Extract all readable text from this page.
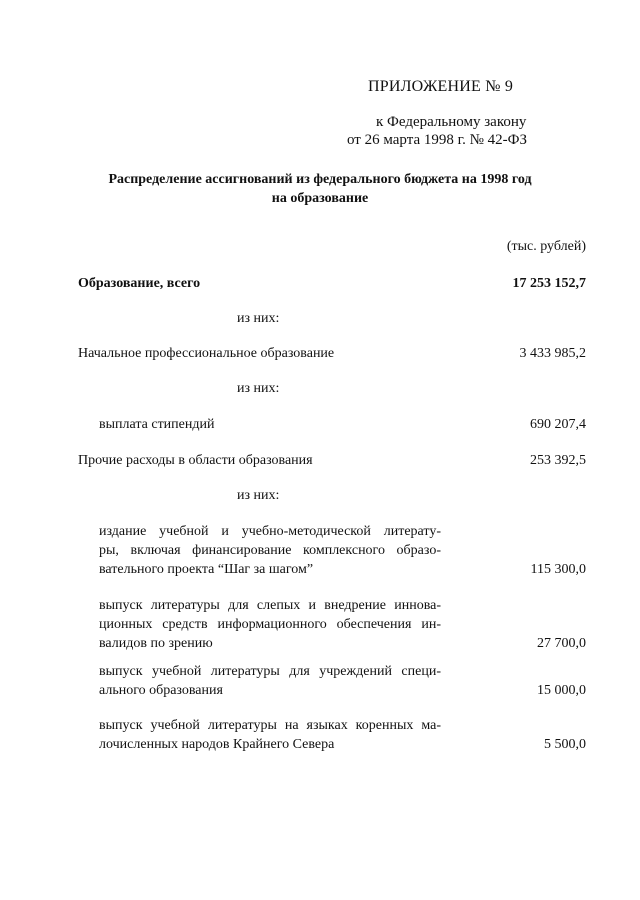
ПРИЛОЖЕНИЕ № 9
к Федеральному закону
от 26 марта 1998 г. № 42-ФЗ
Распределение ассигнований из федерального бюджета на 1998 год
на образование
(тыс. рублей)
Образование, всего	17 253 152,7
из них:
Начальное профессиональное образование	3 433 985,2
из них:
выплата стипендий	690 207,4
Прочие расходы в области образования	253 392,5
из них:
издание учебной и учебно-методической литерату-
ры, включая финансирование комплексного образо-
вательного проекта “Шаг за шагом”	115 300,0
выпуск литературы для слепых и внедрение иннова-
ционных средств информационного обеспечения ин-
валидов по зрению	27 700,0
выпуск учебной литературы для учреждений специ-
ального образования	15 000,0
выпуск учебной литературы на языках коренных ма-
лочисленных народов Крайнего Севера	5 500,0
